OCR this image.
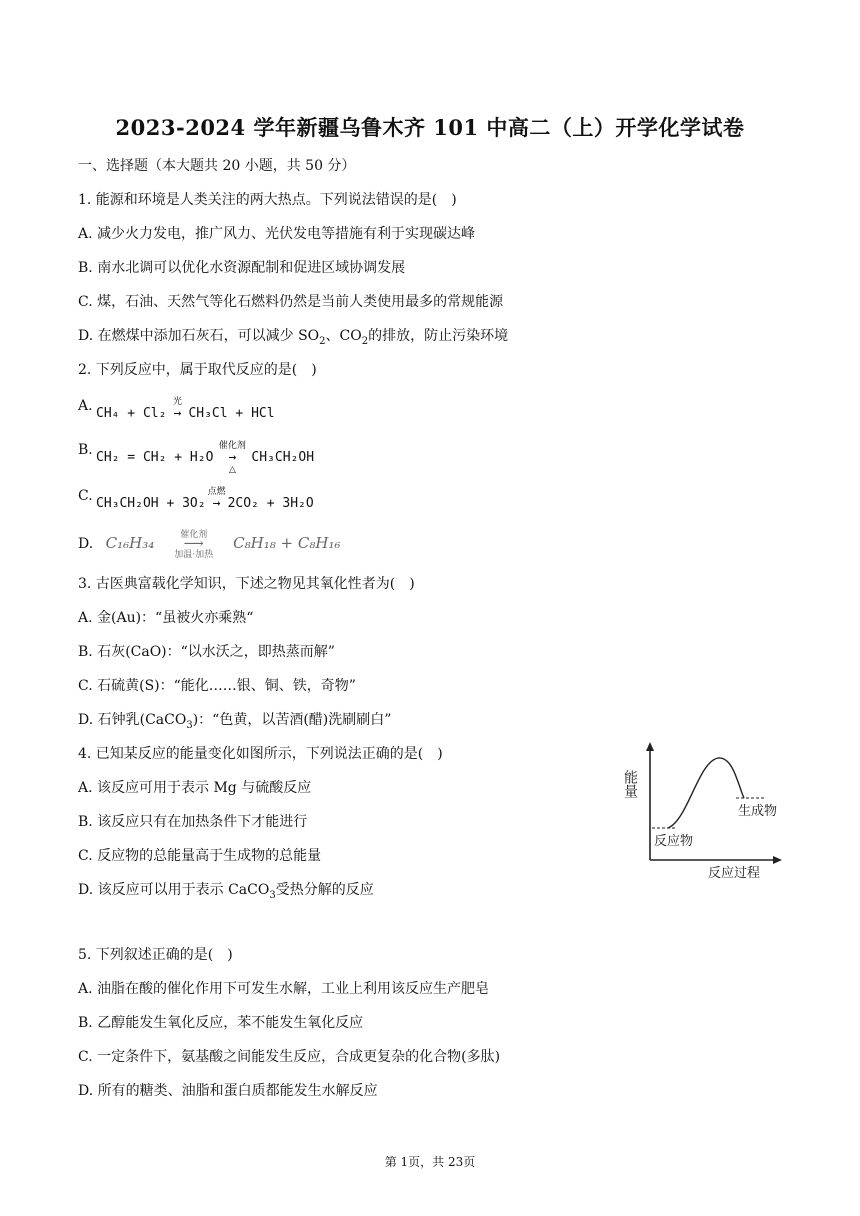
2023-2024 学年新疆乌鲁木齐 101 中高二（上）开学化学试卷
一、选择题（本大题共 20 小题，共 50 分）
1. 能源和环境是人类关注的两大热点。下列说法错误的是(　)
A. 减少火力发电，推广风力、光伏发电等措施有利于实现碳达峰
B. 南水北调可以优化水资源配制和促进区域协调发展
C. 煤，石油、天然气等化石燃料仍然是当前人类使用最多的常规能源
D. 在燃煤中添加石灰石，可以减少 $SO_2$、$CO_2$的排放，防止污染环境
2. 下列反应中，属于取代反应的是(　)
A. CH₄ + Cl₂
光
→ CH₃Cl + HCl
B. CH₂ = CH₂ + H₂O
催化剂
→
△
CH₃CH₂OH
C. CH₃CH₂OH + 3O₂
点燃
→ 2CO₂ + 3H₂O
D. C₁₆H₃₄	催化剂
⟶
加温·加热
C₈H₁₈ + C₈H₁₆
3. 古医典富载化学知识，下述之物见其氧化性者为(　)
A. 金(Au)：“虽被火亦乘熟“
B. 石灰(CaO)：“以水沃之，即热蒸而解”
C. 石硫黄(S)：“能化……银、铜、铁，奇物”
D. 石钟乳(CaCO$_3$)：“色黄，以苦酒(醋)洗刷刷白”
4. 已知某反应的能量变化如图所示，下列说法正确的是(　)
A. 该反应可用于表示 Mg 与硫酸反应
B. 该反应只有在加热条件下才能进行
C. 反应物的总能量高于生成物的总能量
D. 该反应可以用于表示 CaCO$_3$受热分解的反应
能量
生成物
反应物
反应过程
5. 下列叙述正确的是(　)
A. 油脂在酸的催化作用下可发生水解，工业上利用该反应生产肥皂
B. 乙醇能发生氧化反应，苯不能发生氧化反应
C. 一定条件下，氨基酸之间能发生反应，合成更复杂的化合物(多肽)
D. 所有的糖类、油脂和蛋白质都能发生水解反应
第 1页，共 23页
